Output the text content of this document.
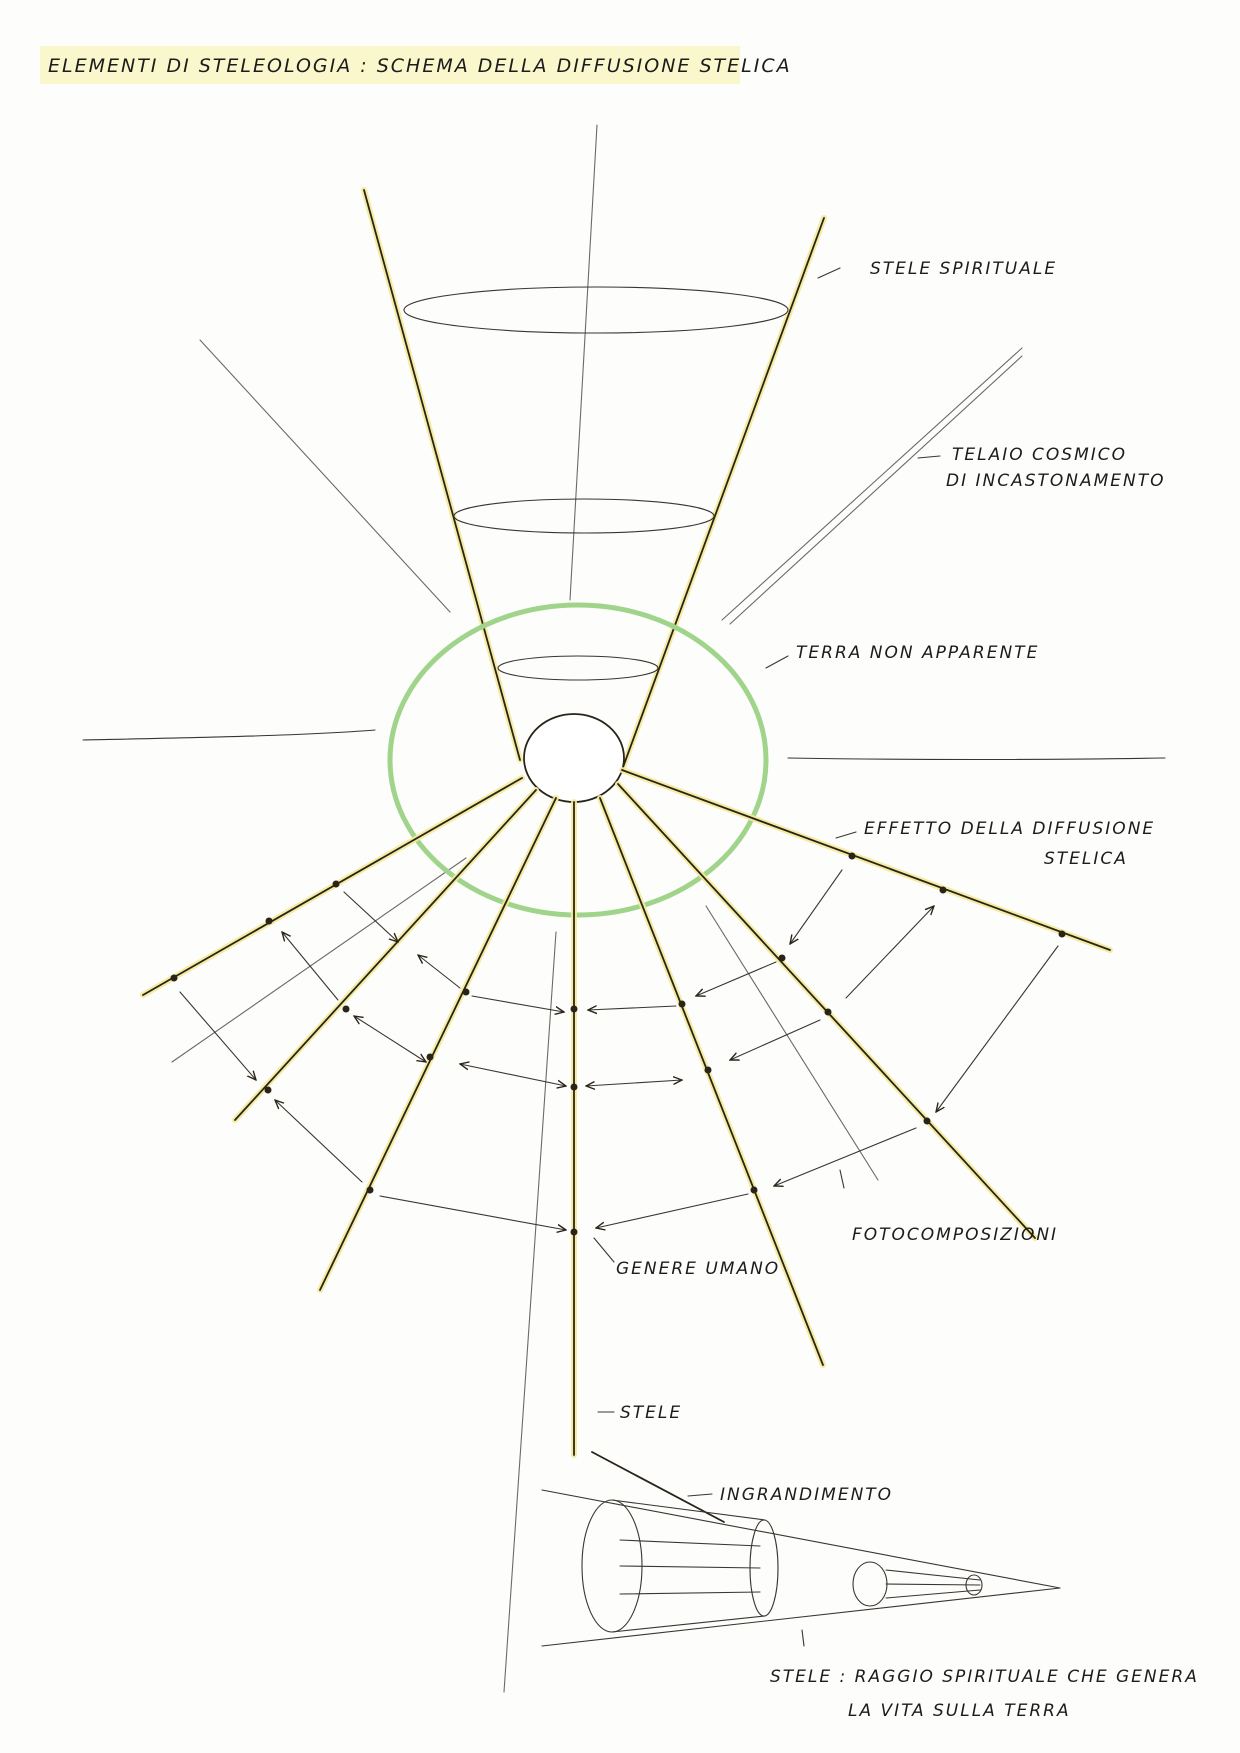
ELEMENTI DI STELEOLOGIA : SCHEMA DELLA DIFFUSIONE STELICA
STELE SPIRITUALE
TELAIO COSMICO
DI INCASTONAMENTO
TERRA NON APPARENTE
EFFETTO DELLA DIFFUSIONE
STELICA
FOTOCOMPOSIZIONI
GENERE UMANO
STELE
INGRANDIMENTO
STELE : RAGGIO SPIRITUALE CHE GENERA
LA VITA SULLA TERRA
